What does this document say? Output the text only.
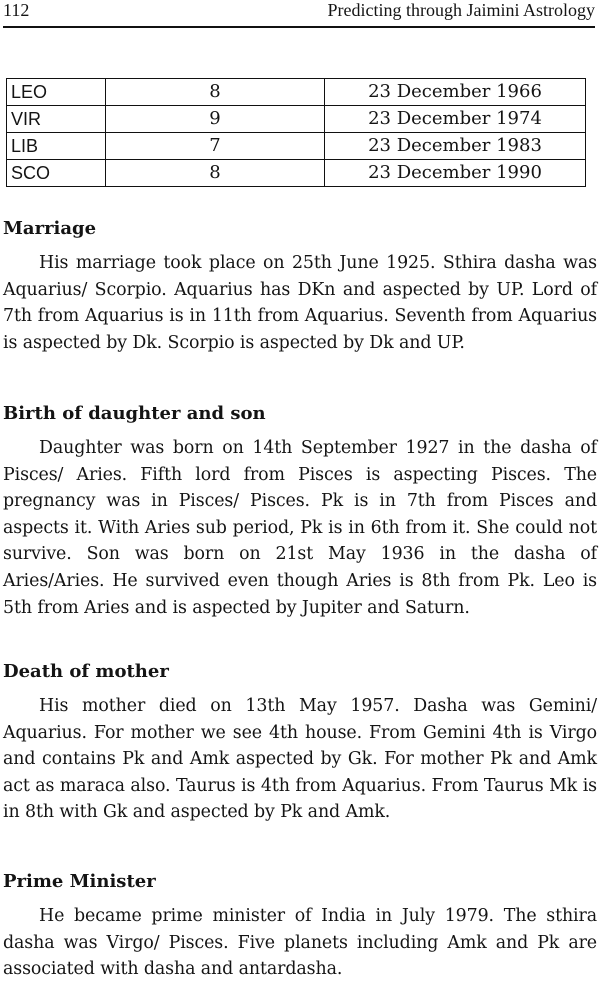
112	Predicting through Jaimini Astrology
LEO	8	23 December 1966
VIR	9	23 December 1974
LIB	7	23 December 1983
SCO	8	23 December 1990
Marriage

His marriage took place on 25th June 1925. Sthira dasha was Aquarius/ Scorpio. Aquarius has DKn and aspected by UP. Lord of 7th from Aquarius is in 11th from Aquarius. Seventh from Aquarius is aspected by Dk. Scorpio is aspected by Dk and UP.

Birth of daughter and son

Daughter was born on 14th September 1927 in the dasha of Pisces/ Aries. Fifth lord from Pisces is aspecting Pisces. The pregnancy was in Pisces/ Pisces. Pk is in 7th from Pisces and aspects it. With Aries sub period, Pk is in 6th from it. She could not survive. Son was born on 21st May 1936 in the dasha of Aries/Aries. He survived even though Aries is 8th from Pk. Leo is 5th from Aries and is aspected by Jupiter and Saturn.

Death of mother

His mother died on 13th May 1957. Dasha was Gemini/ Aquarius. For mother we see 4th house. From Gemini 4th is Virgo and contains Pk and Amk aspected by Gk. For mother Pk and Amk act as maraca also. Taurus is 4th from Aquarius. From Taurus Mk is in 8th with Gk and aspected by Pk and Amk.

Prime Minister

He became prime minister of India in July 1979. The sthira dasha was Virgo/ Pisces. Five planets including Amk and Pk are associated with dasha and antardasha.
